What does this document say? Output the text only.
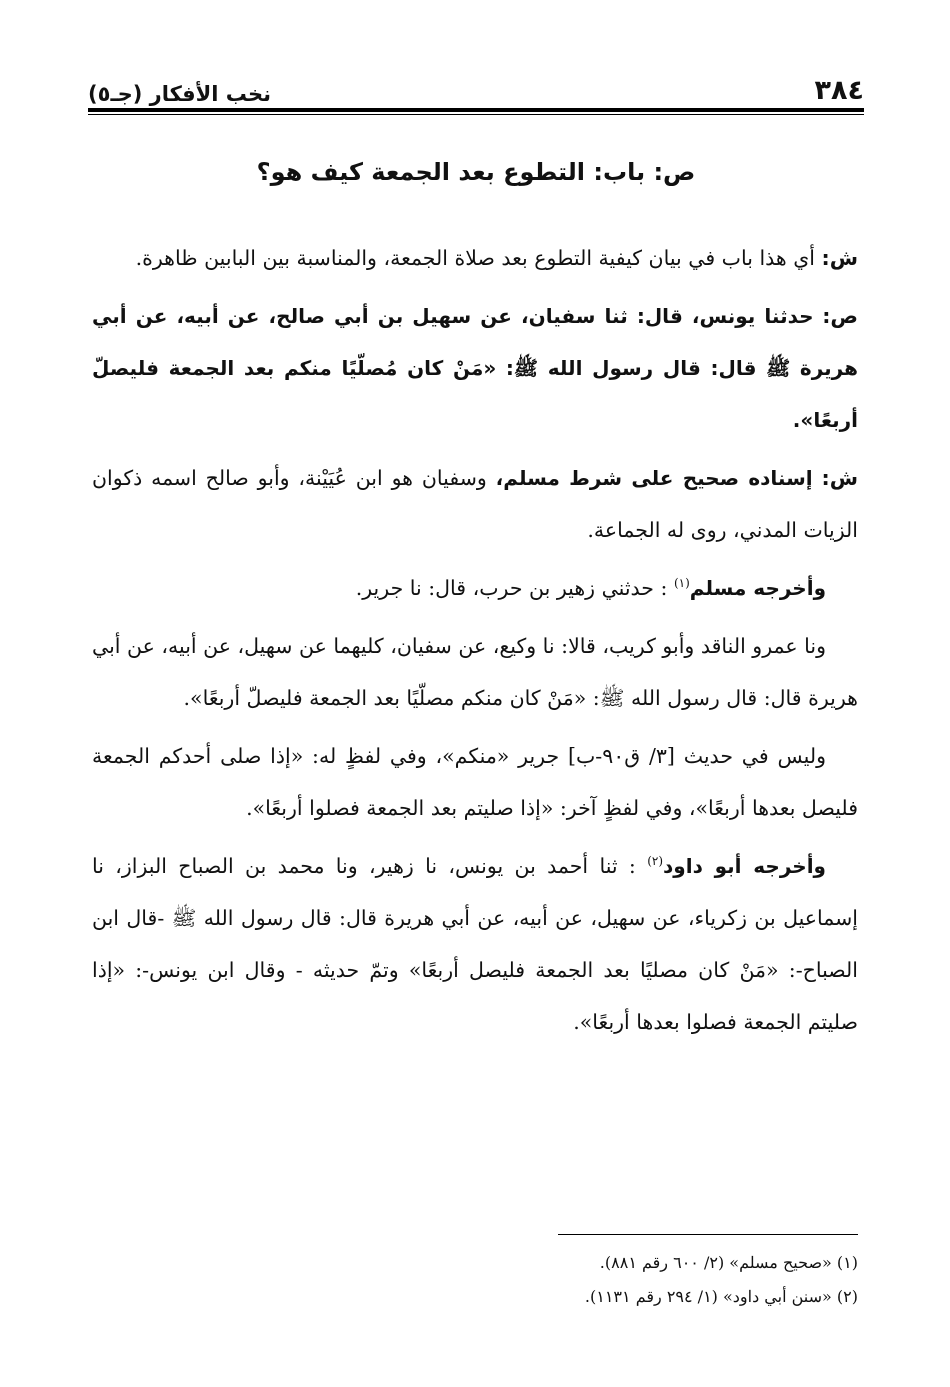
٣٨٤
نخب الأفكار (جـ٥)
ص: باب: التطوع بعد الجمعة كيف هو؟

ش: أي هذا باب في بيان كيفية التطوع بعد صلاة الجمعة، والمناسبة بين البابين ظاهرة.

ص: حدثنا يونس، قال: ثنا سفيان، عن سهيل بن أبي صالح، عن أبيه، عن أبي هريرة ﷺ قال: قال رسول الله ﷺ: «مَنْ كان مُصلّيًا منكم بعد الجمعة فليصلّ أربعًا».

ش: إسناده صحيح على شرط مسلم، وسفيان هو ابن عُيَيْنة، وأبو صالح اسمه ذكوان الزيات المدني، روى له الجماعة.

وأخرجه مسلم$^{(١)}$ : حدثني زهير بن حرب، قال: نا جرير.

ونا عمرو الناقد وأبو كريب، قالا: نا وكيع، عن سفيان، كليهما عن سهيل، عن أبيه، عن أبي هريرة قال: قال رسول الله ﷺ: «مَنْ كان منكم مصلّيًا بعد الجمعة فليصلّ أربعًا».

وليس في حديث [٣/ ق٩٠-ب] جرير «منكم»، وفي لفظٍ له: «إذا صلى أحدكم الجمعة فليصل بعدها أربعًا»، وفي لفظٍ آخر: «إذا صليتم بعد الجمعة فصلوا أربعًا».

وأخرجه أبو داود$^{(٢)}$ : ثنا أحمد بن يونس، نا زهير، ونا محمد بن الصباح البزاز، نا إسماعيل بن زكرياء، عن سهيل، عن أبيه، عن أبي هريرة قال: قال رسول الله ﷺ -قال ابن الصباح-: «مَنْ كان مصليًا بعد الجمعة فليصل أربعًا» وتمّ حديثه - وقال ابن يونس-: «إذا صليتم الجمعة فصلوا بعدها أربعًا».

(١) «صحيح مسلم» (٢/ ٦٠٠ رقم ٨٨١).

(٢) «سنن أبي داود» (١/ ٢٩٤ رقم ١١٣١).
